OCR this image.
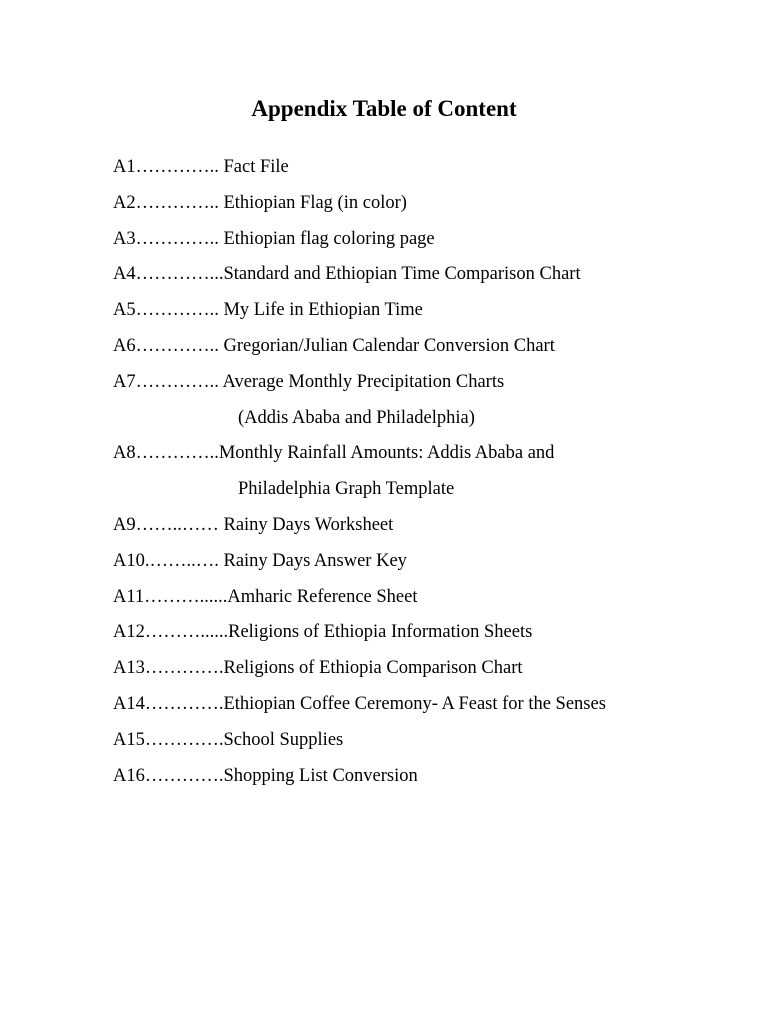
Appendix Table of Content
A1………….. Fact File
A2………….. Ethiopian Flag (in color)
A3………….. Ethiopian flag coloring page
A4…………...Standard and Ethiopian Time Comparison Chart
A5………….. My Life in Ethiopian Time
A6………….. Gregorian/Julian Calendar Conversion Chart
A7………….. Average Monthly Precipitation Charts
(Addis Ababa and Philadelphia)
A8…………..Monthly Rainfall Amounts: Addis Ababa and
Philadelphia Graph Template
A9……..…… Rainy Days Worksheet
A10.……..…. Rainy Days Answer Key
A11………......Amharic Reference Sheet
A12………......Religions of Ethiopia Information Sheets
A13………….Religions of Ethiopia Comparison Chart
A14………….Ethiopian Coffee Ceremony- A Feast for the Senses
A15………….School Supplies
A16………….Shopping List Conversion
